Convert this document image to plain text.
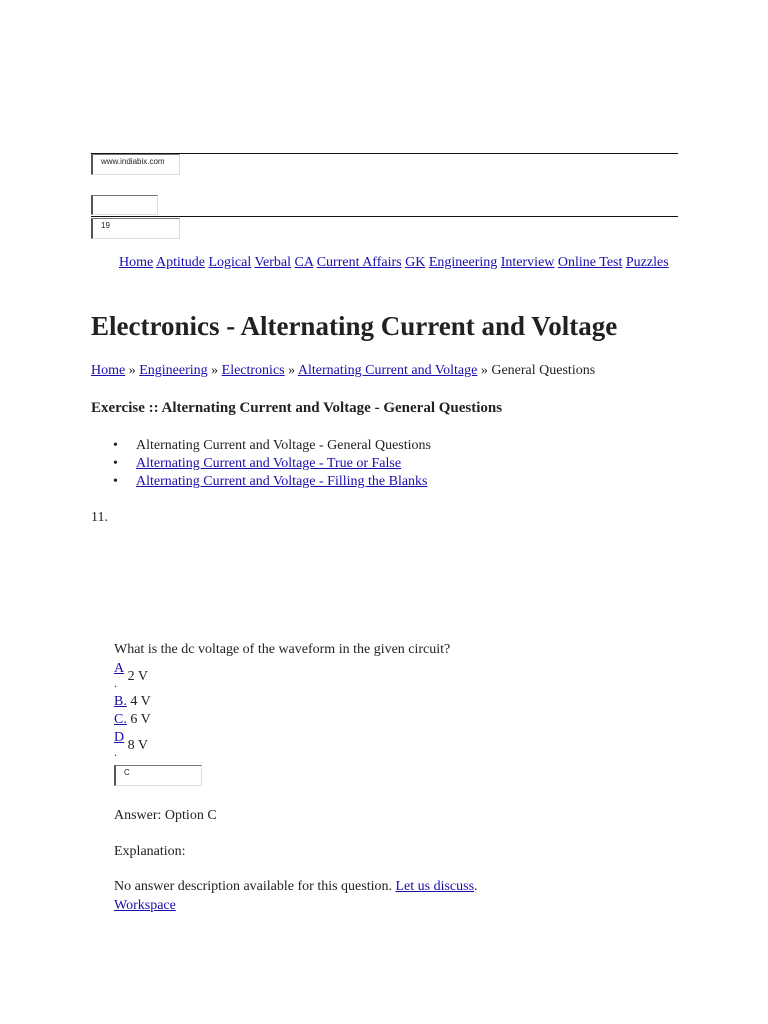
www.indiabix.com
19
Home Aptitude Logical Verbal CA Current Affairs GK Engineering Interview Online Test Puzzles
Electronics - Alternating Current and Voltage
Home » Engineering » Electronics » Alternating Current and Voltage » General Questions
Exercise :: Alternating Current and Voltage - General Questions
• Alternating Current and Voltage - General Questions
• Alternating Current and Voltage - True or False
• Alternating Current and Voltage - Filling the Blanks
11.
What is the dc voltage of the waveform in the given circuit?
A 2 V
.
B. 4 V
C. 6 V
D 8 V
.
C
Answer: Option C
Explanation:
No answer description available for this question. Let us discuss.
Workspace
